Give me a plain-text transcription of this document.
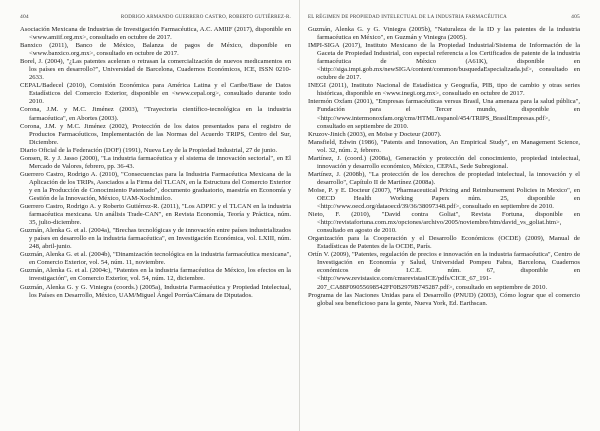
404	RODRIGO ARMANDO GUERRERO CASTRO, ROBERTO GUTIÉRREZ-R.
Asociación Mexicana de Industrias de Investigación Farmacéutica, A.C. AMIIF (2017), disponible en <www.amiif.org.mx>, consultado en octubre de 2017.
Banxico (2011), Banco de México, Balanza de pagos de México, disponible en <www.banxico.org.mx>, consultado en octubre de 2017.
Borel, J. (2004), "¿Las patentes aceleran o retrasan la comercialización de nuevos medicamentos en los países en desarrollo?", Universidad de Barcelona, Cuadernos Económicos, ICE, ISSN 0210-2633.
CEPAL/Badecel (2010), Comisión Económica para América Latina y el Caribe/Base de Datos Estadísticos del Comercio Exterior, disponible en <www.cepal.org>, consultado durante todo 2010.
Corona, J.M. y M.C. Jiménez (2003), "Trayectoria científico-tecnológica en la industria farmacéutica", en Abortes (2003).
Corona, J.M. y M.C. Jiménez (2002), Protección de los datos presentados para el registro de Productos Farmacéuticos, Implementación de las Normas del Acuerdo TRIPS, Centro del Sur, Diciembre.
Diario Oficial de la Federación (DOF) (1991), Nueva Ley de la Propiedad Industrial, 27 de junio.
Gonsen, R. y J. Jasso (2000), "La industria farmacéutica y el sistema de innovación sectorial", en El Mercado de Valores, febrero, pp. 36-43.
Guerrero Castro, Rodrigo A. (2010), "Consecuencias para la Industria Farmacéutica Mexicana de la Aplicación de los TRIPs, Asociados a la Firma del TLCAN, en la Estructura del Comercio Exterior y en la Producción de Conocimiento Patentado", documento graduatorio, maestría en Economía y Gestión de la Innovación, México, UAM-Xochimilco.
Guerrero Castro, Rodrigo A. y Roberto Gutiérrez-R. (2011), "Los ADPIC y el TLCAN en la industria farmacéutica mexicana. Un análisis Trade-CAN", en Revista Economía, Teoría y Práctica, núm. 35, julio-diciembre.
Guzmán, Alenka G. et al. (2004a), "Brechas tecnológicas y de innovación entre países industrializados y países en desarrollo en la industria farmacéutica", en Investigación Económica, vol. LXIII, núm. 248, abril-junio.
Guzmán, Alenka G. et al. (2004b), "Dinamización tecnológica en la industria farmacéutica mexicana", en Comercio Exterior, vol. 54, núm. 11, noviembre.
Guzmán, Alenka G. et al. (2004c), "Patentes en la industria farmacéutica de México, los efectos en la investigación", en Comercio Exterior, vol. 54, núm. 12, diciembre.
Guzmán, Alenka G. y G. Viniegra (coords.) (2005a), Industria Farmacéutica y Propiedad Intelectual, los Países en Desarrollo, México, UAM/Miguel Ángel Porrúa/Cámara de Diputados.
EL RÉGIMEN DE PROPIEDAD INTELECTUAL DE LA INDUSTRIA FARMACÉUTICA	405
Guzmán, Alenka G. y G. Viniegra (2005b), "Naturaleza de la ID y las patentes de la industria farmacéutica en México", en Guzmán y Viniegra (2005).
IMPI-SIGA (2017), Instituto Mexicano de la Propiedad Industrial/Sistema de Información de la Gaceta de Propiedad Industrial, con especial referencia a los Certificados de patente de la industria farmacéutica de México (A61K), disponible en <http://siga.impi.gob.mx/newSIGA/content/common/busquedaEspecializada.jsf>, consultado en octubre de 2017.
INEGI (2011), Instituto Nacional de Estadística y Geografía, PIB, tipo de cambio y otras series históricas, disponible en <www.inegi.org.mx>, consultado en octubre de 2017.
Intermón Oxfam (2001), "Empresas farmacéuticas versus Brasil, Una amenaza para la salud pública", Fundación para el Tercer mundo, disponible en <http://www.intermonoxfam.org/cms/HTML/espanol/454/TRIPS_BrasilEmpresas.pdf>, consultado en septiembre de 2010.
Kruzov-Jinich (2003), en Moïse y Docteur (2007).
Mansfield, Edwin (1986), "Patents and Innovation, An Empirical Study", en Management Science, vol. 32, núm. 2, febrero.
Martínez, J. (coord.) (2008a), Generación y protección del conocimiento, propiedad intelectual, innovación y desarrollo económico, México, CEPAL, Sede Subregional.
Martínez, J. (2008b), "La protección de los derechos de propiedad intelectual, la innovación y el desarrollo", Capítulo II de Martínez (2008a).
Moïse, P. y E. Docteur (2007), "Pharmaceutical Pricing and Reimbursement Policies in Mexico", en OECD Health Working Papers núm. 25, disponible en <http://www.oecd.org/dataoecd/39/36/38097348.pdf>, consultado en septiembre de 2010.
Nieto, F. (2010), "David contra Goliat", Revista Fortuna, disponible en <http://revistafortuna.com.mx/opciones/archivo/2005/noviembre/htm/david_vs_goliat.htm>, consultado en agosto de 2010.
Organización para la Cooperación y el Desarrollo Económicos (OCDE) (2009), Manual de Estadísticas de Patentes de la OCDE, París.
Ortín V. (2009), "Patentes, regulación de precios e innovación en la industria farmacéutica", Centro de Investigación en Economía y Salud, Universidad Pompeu Fabra, Barcelona, Cuadernos económicos de I.C.E. núm. 67, disponible en <http://www.revistasice.com/cmsrevistasICE/pdfs/CICE_67_191-207_CA88F09055698542FF0B2979B745287.pdf>, consultado en septiembre de 2010.
Programa de las Naciones Unidas para el Desarrollo (PNUD) (2003), Cómo lograr que el comercio global sea beneficioso para la gente, Nueva York, Ed. Earthscan.
